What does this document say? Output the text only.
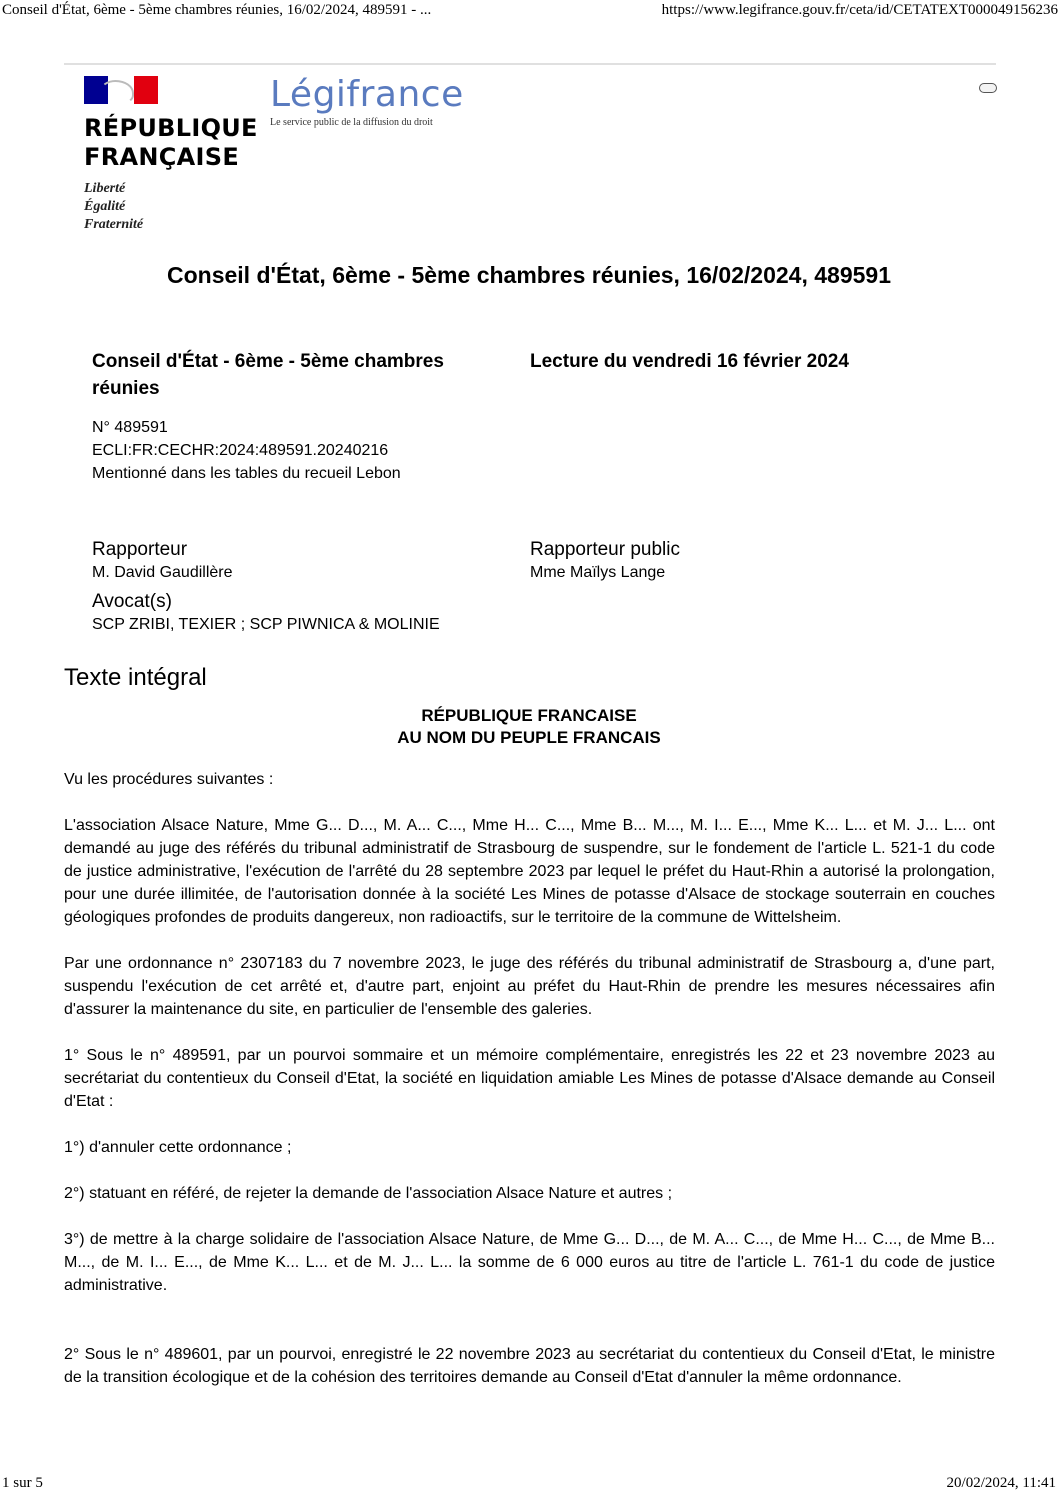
Conseil d'État, 6ème - 5ème chambres réunies, 16/02/2024, 489591 - ...	https://www.legifrance.gouv.fr/ceta/id/CETATEXT000049156236
RÉPUBLIQUE
FRANÇAISE
Liberté
Égalité
Fraternité
Légifrance
Le service public de la diffusion du droit
Conseil d'État, 6ème - 5ème chambres réunies, 16/02/2024, 489591
Conseil d'État - 6ème - 5ème chambres réunies
N° 489591
ECLI:FR:CECHR:2024:489591.20240216
Mentionné dans les tables du recueil Lebon
Lecture du vendredi 16 février 2024
Rapporteur
M. David Gaudillère
Rapporteur public
Mme Maïlys Lange
Avocat(s)
SCP ZRIBI, TEXIER ; SCP PIWNICA & MOLINIE
Texte intégral
RÉPUBLIQUE FRANCAISE
AU NOM DU PEUPLE FRANCAIS

Vu les procédures suivantes :

L'association Alsace Nature, Mme G... D..., M. A... C..., Mme H... C..., Mme B... M..., M. I... E..., Mme K... L... et M. J... L... ont demandé au juge des référés du tribunal administratif de Strasbourg de suspendre, sur le fondement de l'article L. 521-1 du code de justice administrative, l'exécution de l'arrêté du 28 septembre 2023 par lequel le préfet du Haut-Rhin a autorisé la prolongation, pour une durée illimitée, de l'autorisation donnée à la société Les Mines de potasse d'Alsace de stockage souterrain en couches géologiques profondes de produits dangereux, non radioactifs, sur le territoire de la commune de Wittelsheim.

Par une ordonnance n° 2307183 du 7 novembre 2023, le juge des référés du tribunal administratif de Strasbourg a, d'une part, suspendu l'exécution de cet arrêté et, d'autre part, enjoint au préfet du Haut-Rhin de prendre les mesures nécessaires afin d'assurer la maintenance du site, en particulier de l'ensemble des galeries.

1° Sous le n° 489591, par un pourvoi sommaire et un mémoire complémentaire, enregistrés les 22 et 23 novembre 2023 au secrétariat du contentieux du Conseil d'Etat, la société en liquidation amiable Les Mines de potasse d'Alsace demande au Conseil d'Etat :

1°) d'annuler cette ordonnance ;

2°) statuant en référé, de rejeter la demande de l'association Alsace Nature et autres ;

3°) de mettre à la charge solidaire de l'association Alsace Nature, de Mme G... D..., de M. A... C..., de Mme H... C..., de Mme B... M..., de M. I... E..., de Mme K... L... et de M. J... L... la somme de 6 000 euros au titre de l'article L. 761-1 du code de justice administrative.

2° Sous le n° 489601, par un pourvoi, enregistré le 22 novembre 2023 au secrétariat du contentieux du Conseil d'Etat, le ministre de la transition écologique et de la cohésion des territoires demande au Conseil d'Etat d'annuler la même ordonnance.

1 sur 5	20/02/2024, 11:41
